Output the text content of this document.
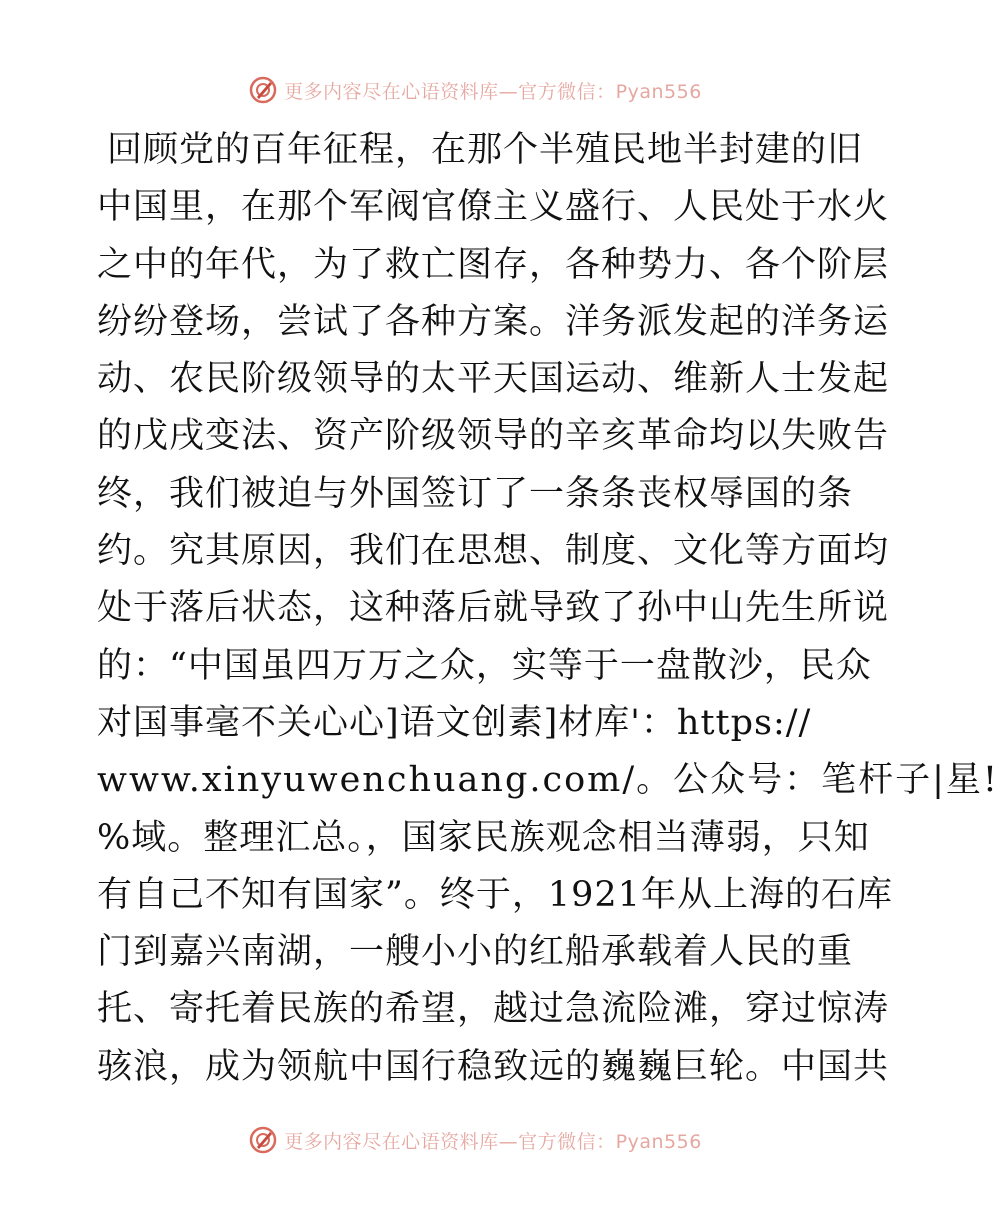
更多内容尽在心语资料库—官方微信：Pyan556
回顾党的百年征程，在那个半殖民地半封建的旧
中国里，在那个军阀官僚主义盛行、人民处于水火
之中的年代，为了救亡图存，各种势力、各个阶层
纷纷登场，尝试了各种方案。洋务派发起的洋务运
动、农民阶级领导的太平天国运动、维新人士发起
的戊戌变法、资产阶级领导的辛亥革命均以失败告
终，我们被迫与外国签订了一条条丧权辱国的条
约。究其原因，我们在思想、制度、文化等方面均
处于落后状态，这种落后就导致了孙中山先生所说
的：“中国虽四万万之众，实等于一盘散沙，民众
对国事毫不关心心]语文创素]材库'：https://
www.xinyuwenchuang.com/。公众号：笔杆子|星!
%域。整理汇总。，国家民族观念相当薄弱，只知
有自己不知有国家”。终于，1921年从上海的石库
门到嘉兴南湖，一艘小小的红船承载着人民的重
托、寄托着民族的希望，越过急流险滩，穿过惊涛
骇浪，成为领航中国行稳致远的巍巍巨轮。中国共
更多内容尽在心语资料库—官方微信：Pyan556
